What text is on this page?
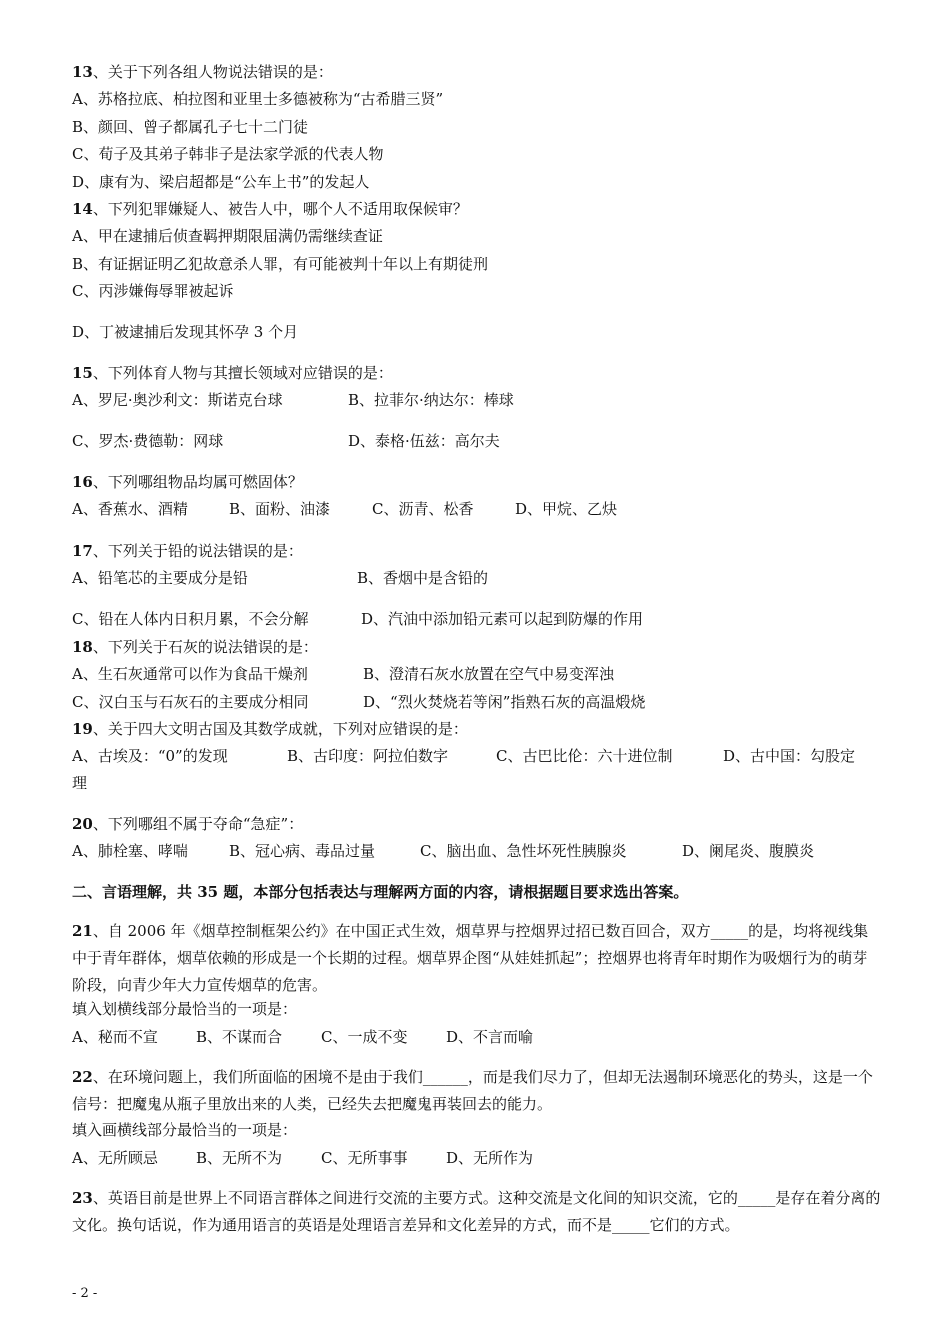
13、关于下列各组人物说法错误的是：
A、苏格拉底、柏拉图和亚里士多德被称为“古希腊三贤”
B、颜回、曾子都属孔子七十二门徒
C、荀子及其弟子韩非子是法家学派的代表人物
D、康有为、梁启超都是“公车上书”的发起人
14、下列犯罪嫌疑人、被告人中，哪个人不适用取保候审？
A、甲在逮捕后侦查羁押期限届满仍需继续查证
B、有证据证明乙犯故意杀人罪，有可能被判十年以上有期徒刑
C、丙涉嫌侮辱罪被起诉
D、丁被逮捕后发现其怀孕 3 个月
15、下列体育人物与其擅长领域对应错误的是：
A、罗尼·奥沙利文：斯诺克台球	B、拉菲尔·纳达尔：棒球
C、罗杰·费德勒：网球	D、泰格·伍兹：高尔夫
16、下列哪组物品均属可燃固体？
A、香蕉水、酒精	B、面粉、油漆	C、沥青、松香	D、甲烷、乙炔
17、下列关于铅的说法错误的是：
A、铅笔芯的主要成分是铅	B、香烟中是含铅的
C、铅在人体内日积月累，不会分解	D、汽油中添加铅元素可以起到防爆的作用
18、下列关于石灰的说法错误的是：
A、生石灰通常可以作为食品干燥剂	B、澄清石灰水放置在空气中易变浑浊
C、汉白玉与石灰石的主要成分相同	D、“烈火焚烧若等闲”指熟石灰的高温煅烧
19、关于四大文明古国及其数学成就，下列对应错误的是：
A、古埃及：“0”的发现	B、古印度：阿拉伯数字	C、古巴比伦：六十进位制	D、古中国：勾股定
理
20、下列哪组不属于夺命“急症”：
A、肺栓塞、哮喘	B、冠心病、毒品过量	C、脑出血、急性坏死性胰腺炎	D、阑尾炎、腹膜炎
二、言语理解，共 35 题，本部分包括表达与理解两方面的内容，请根据题目要求选出答案。
21、自 2006 年《烟草控制框架公约》在中国正式生效，烟草界与控烟界过招已数百回合，双方_____的是，均将视线集中于青年群体，烟草依赖的形成是一个长期的过程。烟草界企图“从娃娃抓起”；控烟界也将青年时期作为吸烟行为的萌芽阶段，向青少年大力宣传烟草的危害。
填入划横线部分最恰当的一项是：
A、秘而不宣	B、不谋而合	C、一成不变	D、不言而喻
22、在环境问题上，我们所面临的困境不是由于我们______，而是我们尽力了，但却无法遏制环境恶化的势头，这是一个信号：把魔鬼从瓶子里放出来的人类，已经失去把魔鬼再装回去的能力。
填入画横线部分最恰当的一项是：
A、无所顾忌	B、无所不为	C、无所事事	D、无所作为
23、英语目前是世界上不同语言群体之间进行交流的主要方式。这种交流是文化间的知识交流，它的_____是存在着分离的文化。换句话说，作为通用语言的英语是处理语言差异和文化差异的方式，而不是_____它们的方式。
- 2 -
